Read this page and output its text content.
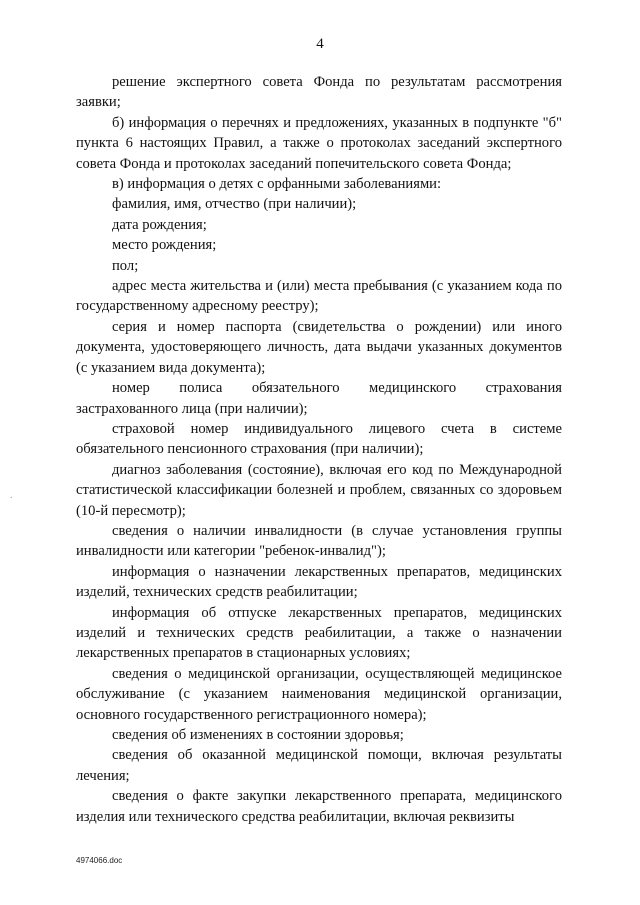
4

решение экспертного совета Фонда по результатам рассмотрения заявки;

б) информация о перечнях и предложениях, указанных в подпункте "б" пункта 6 настоящих Правил, а также о протоколах заседаний экспертного совета Фонда и протоколах заседаний попечительского совета Фонда;

в) информация о детях с орфанными заболеваниями:

фамилия, имя, отчество (при наличии);

дата рождения;

место рождения;

пол;

адрес места жительства и (или) места пребывания (с указанием кода по государственному адресному реестру);

серия и номер паспорта (свидетельства о рождении) или иного документа, удостоверяющего личность, дата выдачи указанных документов (с указанием вида документа);

номер полиса обязательного медицинского страхования застрахованного лица (при наличии);

страховой номер индивидуального лицевого счета в системе обязательного пенсионного страхования (при наличии);

диагноз заболевания (состояние), включая его код по Международной статистической классификации болезней и проблем, связанных со здоровьем (10-й пересмотр);

сведения о наличии инвалидности (в случае установления группы инвалидности или категории "ребенок-инвалид");

информация о назначении лекарственных препаратов, медицинских изделий, технических средств реабилитации;

информация об отпуске лекарственных препаратов, медицинских изделий и технических средств реабилитации, а также о назначении лекарственных препаратов в стационарных условиях;

сведения о медицинской организации, осуществляющей медицинское обслуживание (с указанием наименования медицинской организации, основного государственного регистрационного номера);

сведения об изменениях в состоянии здоровья;

сведения об оказанной медицинской помощи, включая результаты лечения;

сведения о факте закупки лекарственного препарата, медицинского изделия или технического средства реабилитации, включая реквизиты

.
4974066.doc
